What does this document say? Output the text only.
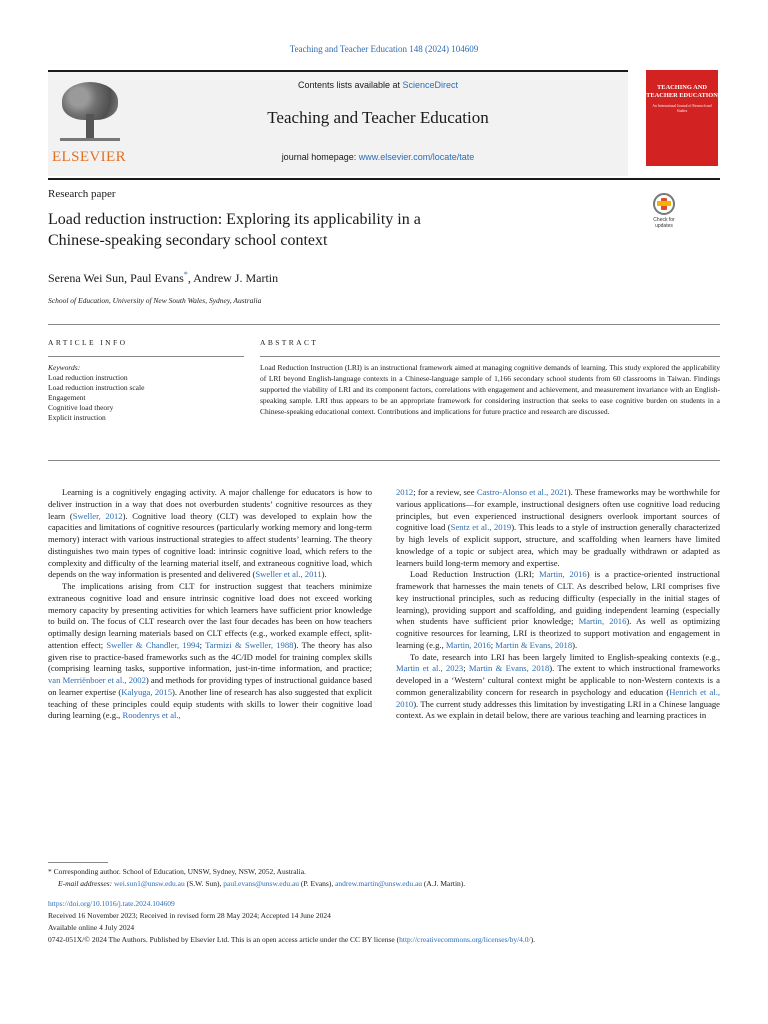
Teaching and Teacher Education 148 (2024) 104609
ELSEVIER
Contents lists available at ScienceDirect
Teaching and Teacher Education
journal homepage: www.elsevier.com/locate/tate
TEACHING AND TEACHER EDUCATION
An International Journal of Research and Studies
Research paper
Load reduction instruction: Exploring its applicability in a
Chinese-speaking secondary school context
Check for
updates
Serena Wei Sun, Paul Evans*, Andrew J. Martin
School of Education, University of New South Wales, Sydney, Australia
ARTICLE INFO	ABSTRACT
Keywords:
Load reduction instruction
Load reduction instruction scale
Engagement
Cognitive load theory
Explicit instruction
Load Reduction Instruction (LRI) is an instructional framework aimed at managing cognitive demands of learning. This study explored the applicability of LRI beyond English-language contexts in a Chinese-language sample of 1,166 secondary school students from 60 classrooms in Taiwan. Findings supported the viability of LRI and its component factors, correlations with engagement and achievement, and measurement invariance with an English-speaking sample. LRI thus appears to be an appropriate framework for considering instruction that seeks to ease cognitive burden on students in a Chinese-speaking educational context. Contributions and implications for future practice and research are discussed.

Learning is a cognitively engaging activity. A major challenge for educators is how to deliver instruction in a way that does not overburden students’ cognitive resources as they learn (Sweller, 2012). Cognitive load theory (CLT) was developed to explain how the capacities and limitations of cognitive resources (particularly working memory and long-term memory) interact with various instructional strategies to affect students’ learning. The theory distinguishes two main types of cognitive load: intrinsic cognitive load, which refers to the complexity and difficulty of the learning material itself, and extraneous cognitive load, which depends on the way information is presented and delivered (Sweller et al., 2011).

The implications arising from CLT for instruction suggest that teachers minimize extraneous cognitive load and ensure intrinsic cognitive load does not exceed working memory capacity by presenting activities for which learners have sufficient prior knowledge to build on. The focus of CLT research over the last four decades has been on how teachers optimally design learning materials based on CLT effects (e.g., worked example effect, split-attention effect; Sweller & Chandler, 1994; Tarmizi & Sweller, 1988). The theory has also given rise to practice-based frameworks such as the 4C/ID model for training complex skills (comprising learning tasks, supportive information, just-in-time information, and practice; van Merriënboer et al., 2002) and methods for providing types of instructional guidance based on learner expertise (Kalyuga, 2015). Another line of research has also suggested that explicit teaching of these principles could equip students with skills to lower their cognitive load during learning (e.g., Roodenrys et al.,

2012; for a review, see Castro-Alonso et al., 2021). These frameworks may be worthwhile for various applications—for example, instructional designers often use cognitive load reducing principles, but even experienced instructional designers overlook important sources of cognitive load (Sentz et al., 2019). This leads to a style of instruction generally characterized by high levels of explicit support, structure, and scaffolding when learners have limited knowledge of a topic or subject area, which may be gradually withdrawn or adapted as learners build long-term memory and expertise.

Load Reduction Instruction (LRI; Martin, 2016) is a practice-oriented instructional framework that harnesses the main tenets of CLT. As described below, LRI comprises five key instructional principles, such as reducing difficulty (especially in the initial stages of learning), providing support and scaffolding, and guiding independent learning (especially when students have sufficient prior knowledge; Martin, 2016). As well as optimizing cognitive resources for learning, LRI is theorized to support motivation and engagement in learning (e.g., Martin, 2016; Martin & Evans, 2018).

To date, research into LRI has been largely limited to English-speaking contexts (e.g., Martin et al., 2023; Martin & Evans, 2018). The extent to which instructional frameworks developed in a ‘Western’ cultural context might be applicable to non-Western contexts is a common generalizability concern for research in psychology and education (Henrich et al., 2010). The current study addresses this limitation by investigating LRI in a Chinese language context. As we explain in detail below, there are various teaching and learning practices in

* Corresponding author. School of Education, UNSW, Sydney, NSW, 2052, Australia.
E-mail addresses: wei.sun1@unsw.edu.au (S.W. Sun), paul.evans@unsw.edu.au (P. Evans), andrew.martin@unsw.edu.au (A.J. Martin).
https://doi.org/10.1016/j.tate.2024.104609
Received 16 November 2023; Received in revised form 28 May 2024; Accepted 14 June 2024
Available online 4 July 2024
0742-051X/© 2024 The Authors. Published by Elsevier Ltd. This is an open access article under the CC BY license (http://creativecommons.org/licenses/by/4.0/).
